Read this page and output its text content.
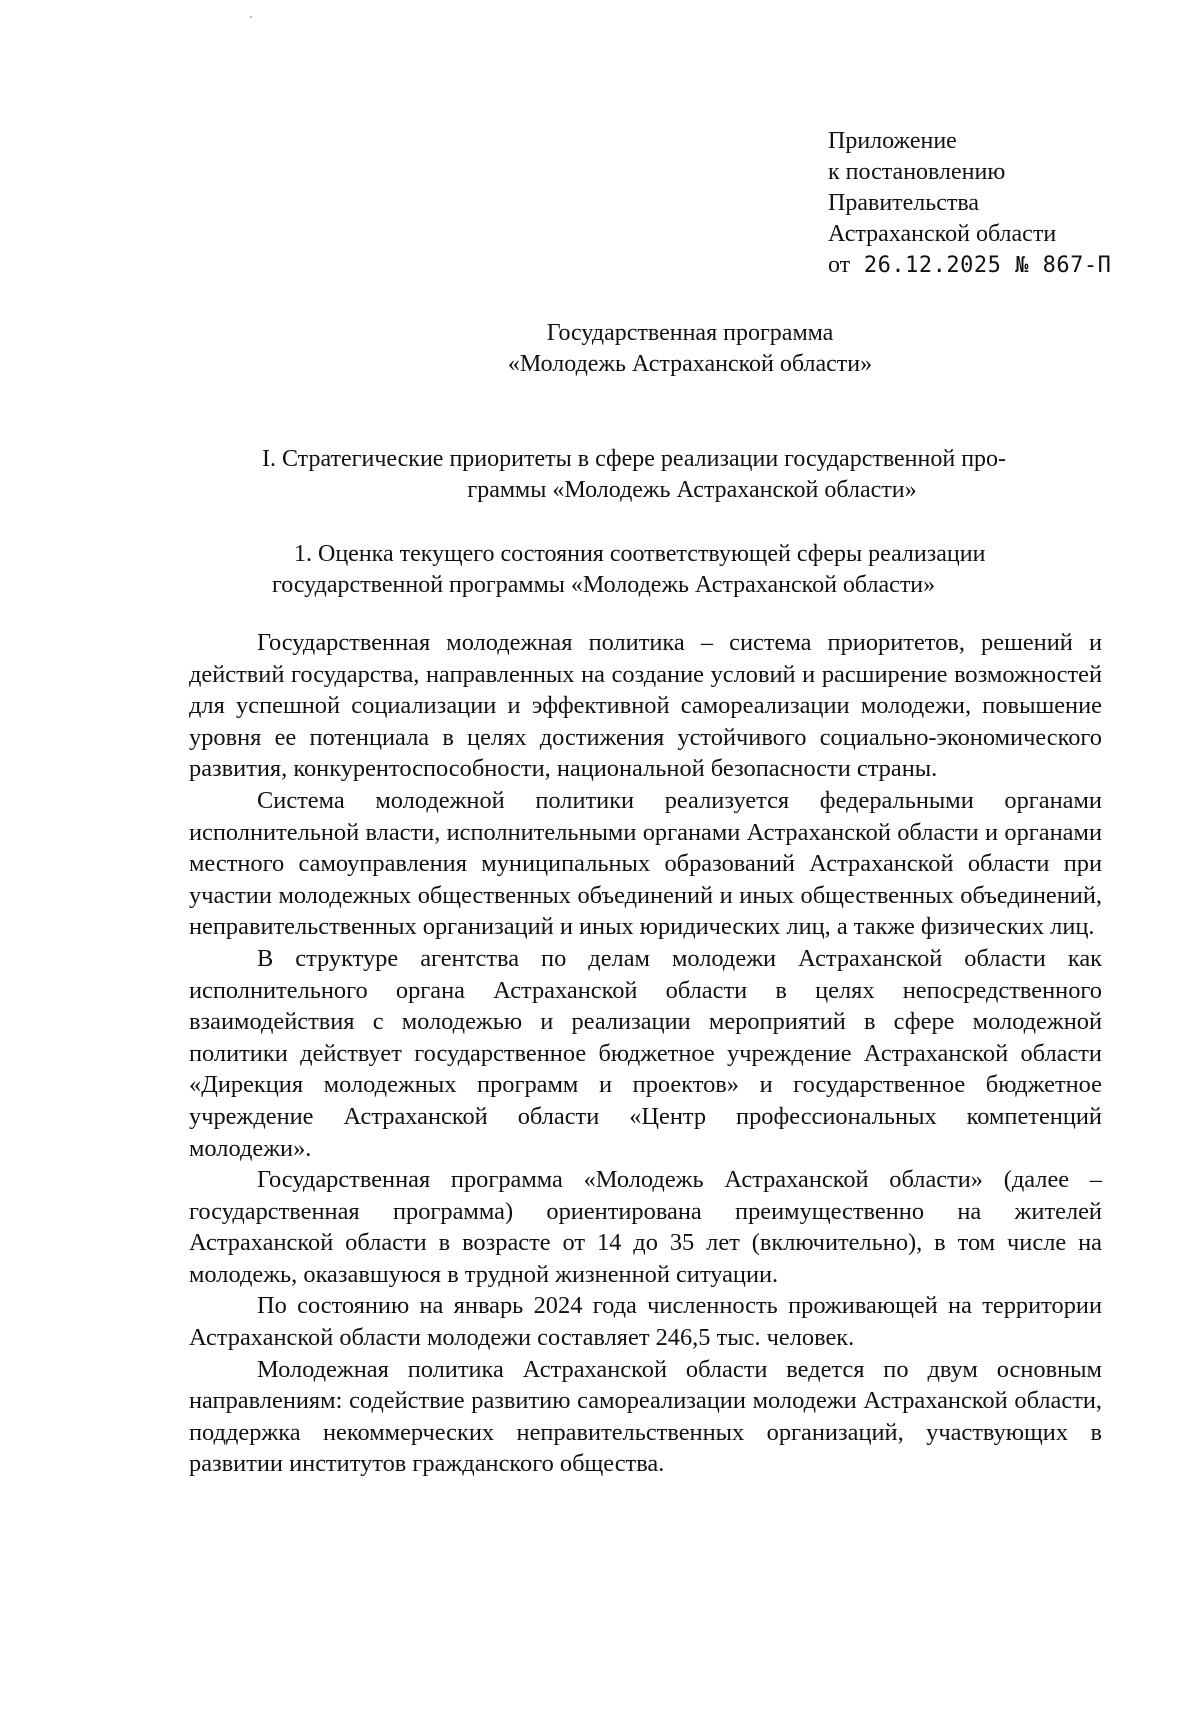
Приложение
к постановлению
Правительства
Астраханской области
от 26.12.2025 № 867-П
Государственная программа
«Молодежь Астраханской области»
I. Стратегические приоритеты в сфере реализации государственной про-
граммы «Молодежь Астраханской области»
1. Оценка текущего состояния соответствующей сферы реализации
государственной программы «Молодежь Астраханской области»

Государственная молодежная политика – система приоритетов, решений и действий государства, направленных на создание условий и расширение возможностей для успешной социализации и эффективной самореализации молодежи, повышение уровня ее потенциала в целях достижения устойчивого социально-экономического развития, конкурентоспособности, национальной безопасности страны.

Система молодежной политики реализуется федеральными органами исполнительной власти, исполнительными органами Астраханской области и органами местного самоуправления муниципальных образований Астраханской области при участии молодежных общественных объединений и иных общественных объединений, неправительственных организаций и иных юридических лиц, а также физических лиц.

В структуре агентства по делам молодежи Астраханской области как исполнительного органа Астраханской области в целях непосредственного взаимодействия с молодежью и реализации мероприятий в сфере молодежной политики действует государственное бюджетное учреждение Астраханской области «Дирекция молодежных программ и проектов» и государственное бюджетное учреждение Астраханской области «Центр профессиональных компетенций молодежи».

Государственная программа «Молодежь Астраханской области» (далее – государственная программа) ориентирована преимущественно на жителей Астраханской области в возрасте от 14 до 35 лет (включительно), в том числе на молодежь, оказавшуюся в трудной жизненной ситуации.

По состоянию на январь 2024 года численность проживающей на территории Астраханской области молодежи составляет 246,5 тыс. человек.

Молодежная политика Астраханской области ведется по двум основным направлениям: содействие развитию самореализации молодежи Астраханской области, поддержка некоммерческих неправительственных организаций, участвующих в развитии институтов гражданского общества.
